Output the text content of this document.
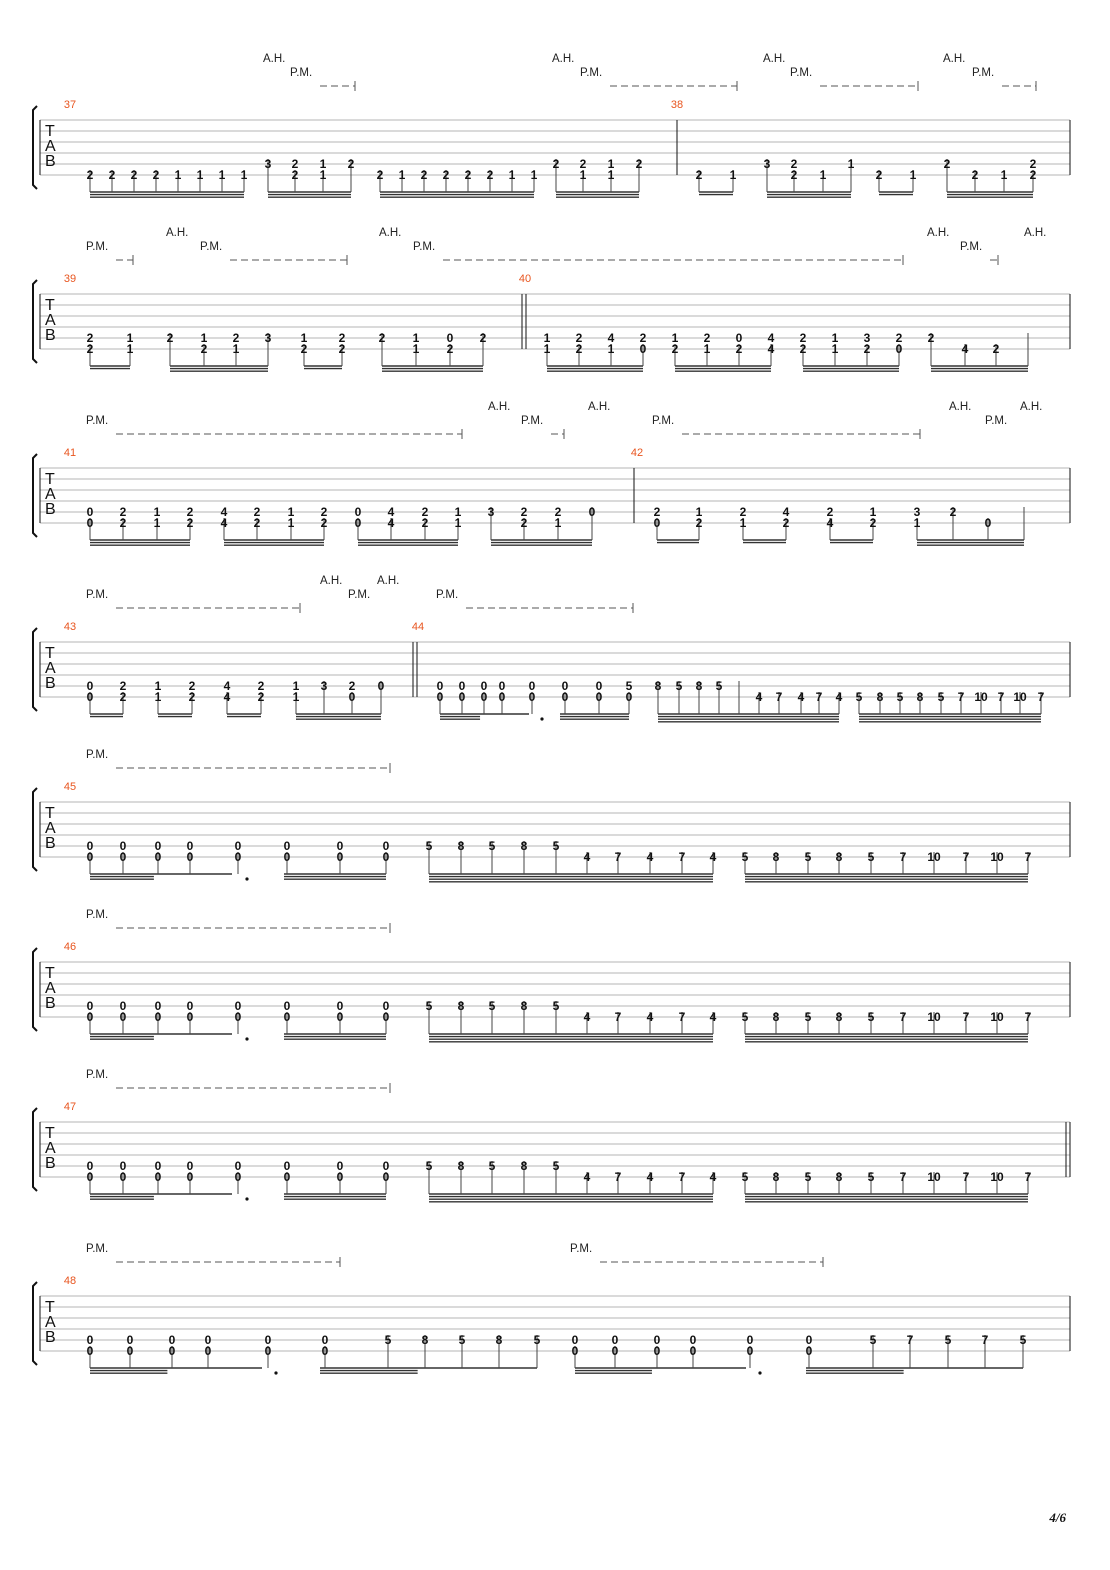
T
A
B
37	38
A.H.
P.M.
A.H.
P.M.
A.H.
P.M.
A.H.
P.M.
3 2 1 2	2 2 1 2	3 2	1	2	2
2 2 2 2 1 1 1 1	2 1	2 1 2 2 2 2 1 1	1 1	2 1	2 1	2 1	2 1 2
T
A
B
39	40
P.M.
A.H.
P.M.
A.H.
P.M.
A.H.
P.M.
A.H.
2	1	2 1 2 3 1	2	2 1 0 2	1 2 4 2 1 2 0 4 2 1 3 2 2
2	1	2 1	2	2	1 2	1 2 1 0 2 1 2 4 2 1 2 0	4 2
T
A
B
41	42
P.M.
A.H.
P.M.
A.H.
P.M.
A.H.	A.H.
P.M.
0 2 1 2 4 2 1 2 0 4 2 1 3 2 2 0	2	1	2	4	2	1	3 2
0 2 1 2 4 2 1 2 0 4 2 1	2 1	0	2	1	2	4	2	1	0
T
A
B
43	44
P.M.
A.H.	A.H.
P.M.	P.M.
0 2 1 2 4 2 1 3 2 0	0 0 0 0 0 0 0 5 8 5 8 5
0 2 1 2 4 2 1	0	0 0 0 0 0 0 0 0	4 7 4 7 4 5 8 5 8 5 7 10 7 10 7
T
A
B
45
P.M.
0 0 0 0	0	0	0	0	5 8 5 8 5
0 0 0 0	0	0	0	0	4 7 4 7 4 5 8 5 8 5 7 10 7 10 7
T
A
B
46
P.M.
0 0 0 0	0	0	0	0	5 8 5 8 5
0 0 0 0	0	0	0	0	4 7 4 7 4 5 8 5 8 5 7 10 7 10 7
T
A
B
47
P.M.
0 0 0 0	0	0	0	0	5 8 5 8 5
0 0 0 0	0	0	0	0	4 7 4 7 4 5 8 5 8 5 7 10 7 10 7
T
A
B
48
P.M.	P.M.
0	0	0 0	0	0	5	8	5	8	5	0	0	0 0	0	0	5	7	5	7	5
0	0	0 0	0	0	0	0	0 0	0	0
4/6
